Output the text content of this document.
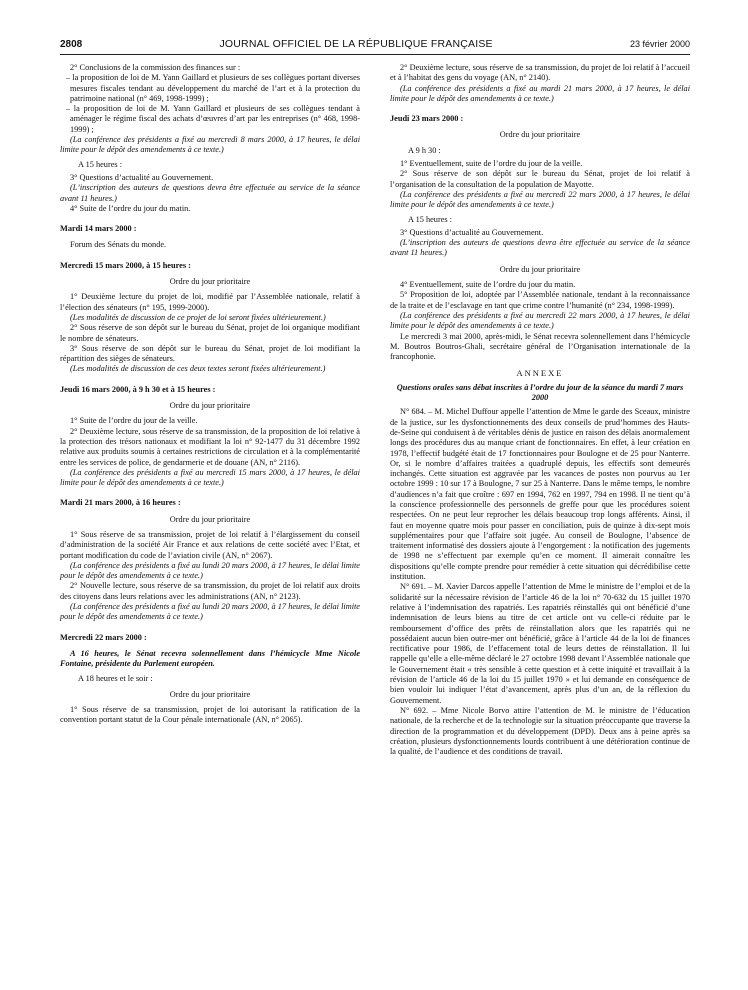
2808	JOURNAL OFFICIEL DE LA RÉPUBLIQUE FRANÇAISE	23 février 2000

2° Conclusions de la commission des finances sur :

– la proposition de loi de M. Yann Gaillard et plusieurs de ses collègues portant diverses mesures fiscales tendant au développement du marché de l’art et à la protection du patrimoine national (n° 469, 1998-1999) ;

– la proposition de loi de M. Yann Gaillard et plusieurs de ses collègues tendant à aménager le régime fiscal des achats d’œuvres d’art par les entreprises (n° 468, 1998-1999) ;

(La conférence des présidents a fixé au mercredi 8 mars 2000, à 17 heures, le délai limite pour le dépôt des amendements à ce texte.)

A 15 heures :

3° Questions d’actualité au Gouvernement.

(L’inscription des auteurs de questions devra être effectuée au service de la séance avant 11 heures.)

4° Suite de l’ordre du jour du matin.

Mardi 14 mars 2000 :

Forum des Sénats du monde.

Mercredi 15 mars 2000, à 15 heures :

Ordre du jour prioritaire

1° Deuxième lecture du projet de loi, modifié par l’Assemblée nationale, relatif à l’élection des sénateurs (n° 195, 1999-2000).

(Les modalités de discussion de ce projet de loi seront fixées ultérieurement.)

2° Sous réserve de son dépôt sur le bureau du Sénat, projet de loi organique modifiant le nombre de sénateurs.

3° Sous réserve de son dépôt sur le bureau du Sénat, projet de loi modifiant la répartition des sièges de sénateurs.

(Les modalités de discussion de ces deux textes seront fixées ultérieurement.)

Jeudi 16 mars 2000, à 9 h 30 et à 15 heures :

Ordre du jour prioritaire

1° Suite de l’ordre du jour de la veille.

2° Deuxième lecture, sous réserve de sa transmission, de la proposition de loi relative à la protection des trésors nationaux et modifiant la loi n° 92-1477 du 31 décembre 1992 relative aux produits soumis à certaines restrictions de circulation et à la complémentarité entre les services de police, de gendarmerie et de douane (AN, n° 2116).

(La conférence des présidents a fixé au mercredi 15 mars 2000, à 17 heures, le délai limite pour le dépôt des amendements à ce texte.)

Mardi 21 mars 2000, à 16 heures :

Ordre du jour prioritaire

1° Sous réserve de sa transmission, projet de loi relatif à l’élargissement du conseil d’administration de la société Air France et aux relations de cette société avec l’Etat, et portant modification du code de l’aviation civile (AN, n° 2067).

(La conférence des présidents a fixé au lundi 20 mars 2000, à 17 heures, le délai limite pour le dépôt des amendements à ce texte.)

2° Nouvelle lecture, sous réserve de sa transmission, du projet de loi relatif aux droits des citoyens dans leurs relations avec les administrations (AN, n° 2123).

(La conférence des présidents a fixé au lundi 20 mars 2000, à 17 heures, le délai limite pour le dépôt des amendements à ce texte.)

Mercredi 22 mars 2000 :

A 16 heures, le Sénat recevra solennellement dans l’hémicycle Mme Nicole Fontaine, présidente du Parlement européen.

A 18 heures et le soir :

Ordre du jour prioritaire

1° Sous réserve de sa transmission, projet de loi autorisant la ratification de la convention portant statut de la Cour pénale internationale (AN, n° 2065).

2° Deuxième lecture, sous réserve de sa transmission, du projet de loi relatif à l’accueil et à l’habitat des gens du voyage (AN, n° 2140).

(La conférence des présidents a fixé au mardi 21 mars 2000, à 17 heures, le délai limite pour le dépôt des amendements à ce texte.)

Jeudi 23 mars 2000 :

Ordre du jour prioritaire

A 9 h 30 :

1° Eventuellement, suite de l’ordre du jour de la veille.

2° Sous réserve de son dépôt sur le bureau du Sénat, projet de loi relatif à l’organisation de la consultation de la population de Mayotte.

(La conférence des présidents a fixé au mercredi 22 mars 2000, à 17 heures, le délai limite pour le dépôt des amendements à ce texte.)

A 15 heures :

3° Questions d’actualité au Gouvernement.

(L’inscription des auteurs de questions devra être effectuée au service de la séance avant 11 heures.)

Ordre du jour prioritaire

4° Eventuellement, suite de l’ordre du jour du matin.

5° Proposition de loi, adoptée par l’Assemblée nationale, tendant à la reconnaissance de la traite et de l’esclavage en tant que crime contre l’humanité (n° 234, 1998-1999).

(La conférence des présidents a fixé au mercredi 22 mars 2000, à 17 heures, le délai limite pour le dépôt des amendements à ce texte.)

Le mercredi 3 mai 2000, après-midi, le Sénat recevra solennellement dans l’hémicycle M. Boutros Boutros-Ghali, secrétaire général de l’Organisation internationale de la francophonie.

ANNEXE

Questions orales sans débat inscrites à l’ordre du jour de la séance du mardi 7 mars 2000

N° 684. – M. Michel Duffour appelle l’attention de Mme le garde des Sceaux, ministre de la justice, sur les dysfonctionnements des deux conseils de prud’hommes des Hauts-de-Seine qui conduisent à de véritables dénis de justice en raison des délais anormalement longs des procédures dus au manque criant de fonctionnaires. En effet, à leur création en 1978, l’effectif budgété était de 17 fonctionnaires pour Boulogne et de 25 pour Nanterre. Or, si le nombre d’affaires traitées a quadruplé depuis, les effectifs sont demeurés inchangés. Cette situation est aggravée par les vacances de postes non pourvus au 1er octobre 1999 : 10 sur 17 à Boulogne, 7 sur 25 à Nanterre. Dans le même temps, le nombre d’audiences n’a fait que croître : 697 en 1994, 762 en 1997, 794 en 1998. Il ne tient qu’à la conscience professionnelle des personnels de greffe pour que les procédures soient respectées. On ne peut leur reprocher les délais beaucoup trop longs afférents. Ainsi, il faut en moyenne quatre mois pour passer en conciliation, puis de quinze à dix-sept mois supplémentaires pour que l’affaire soit jugée. Au conseil de Boulogne, l’absence de traitement informatisé des dossiers ajoute à l’engorgement : la notification des jugements de 1998 ne s’effectuent par exemple qu’en ce moment. Il aimerait connaître les dispositions qu’elle compte prendre pour remédier à cette situation qui décrédibilise cette institution.

N° 691. – M. Xavier Darcos appelle l’attention de Mme le ministre de l’emploi et de la solidarité sur la nécessaire révision de l’article 46 de la loi n° 70-632 du 15 juillet 1970 relative à l’indemnisation des rapatriés. Les rapatriés réinstallés qui ont bénéficié d’une indemnisation de leurs biens au titre de cet article ont vu celle-ci réduite par le remboursement d’office des prêts de réinstallation alors que les rapatriés qui ne possédaient aucun bien outre-mer ont bénéficié, grâce à l’article 44 de la loi de finances rectificative pour 1986, de l’effacement total de leurs dettes de réinstallation. Il lui rappelle qu’elle a elle-même déclaré le 27 octobre 1998 devant l’Assemblée nationale que le Gouvernement était « très sensible à cette question et à cette iniquité et travaillait à la révision de l’article 46 de la loi du 15 juillet 1970 » et lui demande en conséquence de bien vouloir lui indiquer l’état d’avancement, après plus d’un an, de la réflexion du Gouvernement.

N° 692. – Mme Nicole Borvo attire l’attention de M. le ministre de l’éducation nationale, de la recherche et de la technologie sur la situation préoccupante que traverse la direction de la programmation et du développement (DPD). Deux ans à peine après sa création, plusieurs dysfonctionnements lourds contribuent à une détérioration continue de la qualité, de l’audience et des conditions de travail.
